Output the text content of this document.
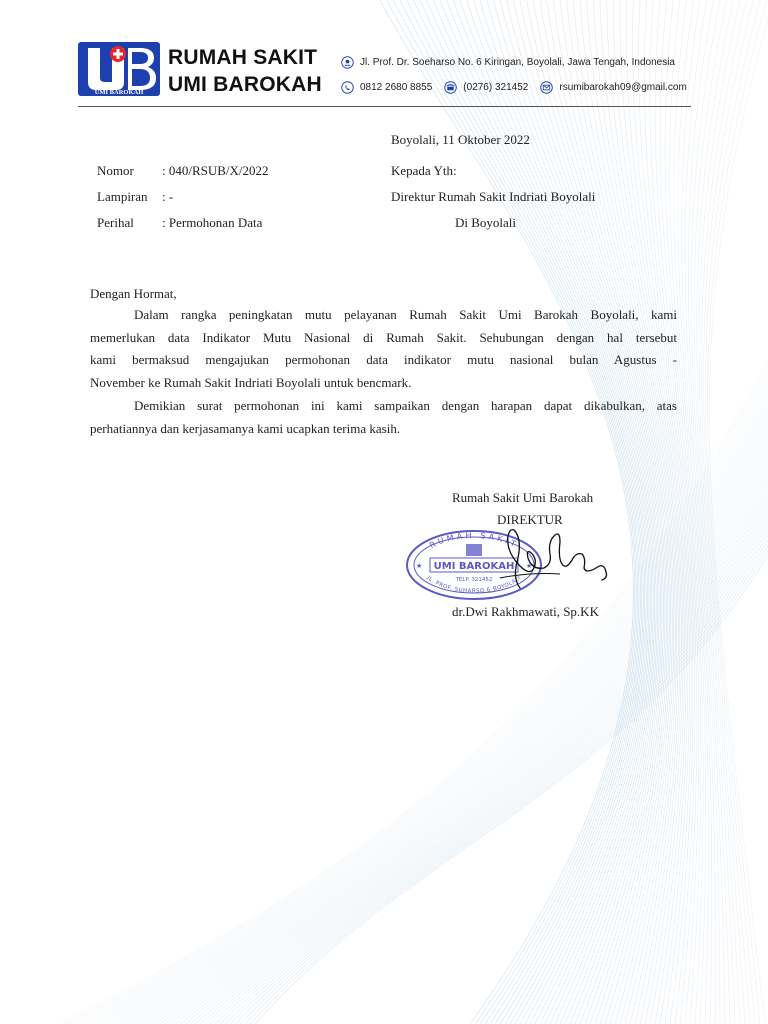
UMI BAROKAH
RUMAH SAKIT
UMI BAROKAH
Jl. Prof. Dr. Soeharso No. 6 Kiringan, Boyolali, Jawa Tengah, Indonesia
0812 2680 8855	(0276) 321452	rsumibarokah09@gmail.com
Boyolali, 11 Oktober 2022
Nomor : 040/RSUB/X/2022
Lampiran : -
Perihal : Permohonan Data
Kepada Yth:
Direktur Rumah Sakit Indriati Boyolali
Di Boyolali
Dengan Hormat,
Dalam rangka peningkatan mutu pelayanan Rumah Sakit Umi Barokah Boyolali, kami
memerlukan data Indikator Mutu Nasional di Rumah Sakit. Sehubungan dengan hal tersebut
kami bermaksud mengajukan permohonan data indikator mutu nasional bulan Agustus -
November ke Rumah Sakit Indriati Boyolali untuk bencmark.
Demikian surat permohonan ini kami sampaikan dengan harapan dapat dikabulkan, atas
perhatiannya dan kerjasamanya kami ucapkan terima kasih.
Rumah Sakit Umi Barokah
DIREKTUR
RUMAH SAKIT
JL. PROF. SUHARSO 6 BOYOLALI
UMI BAROKAH
TELP. 321452
★	★
dr.Dwi Rakhmawati, Sp.KK
